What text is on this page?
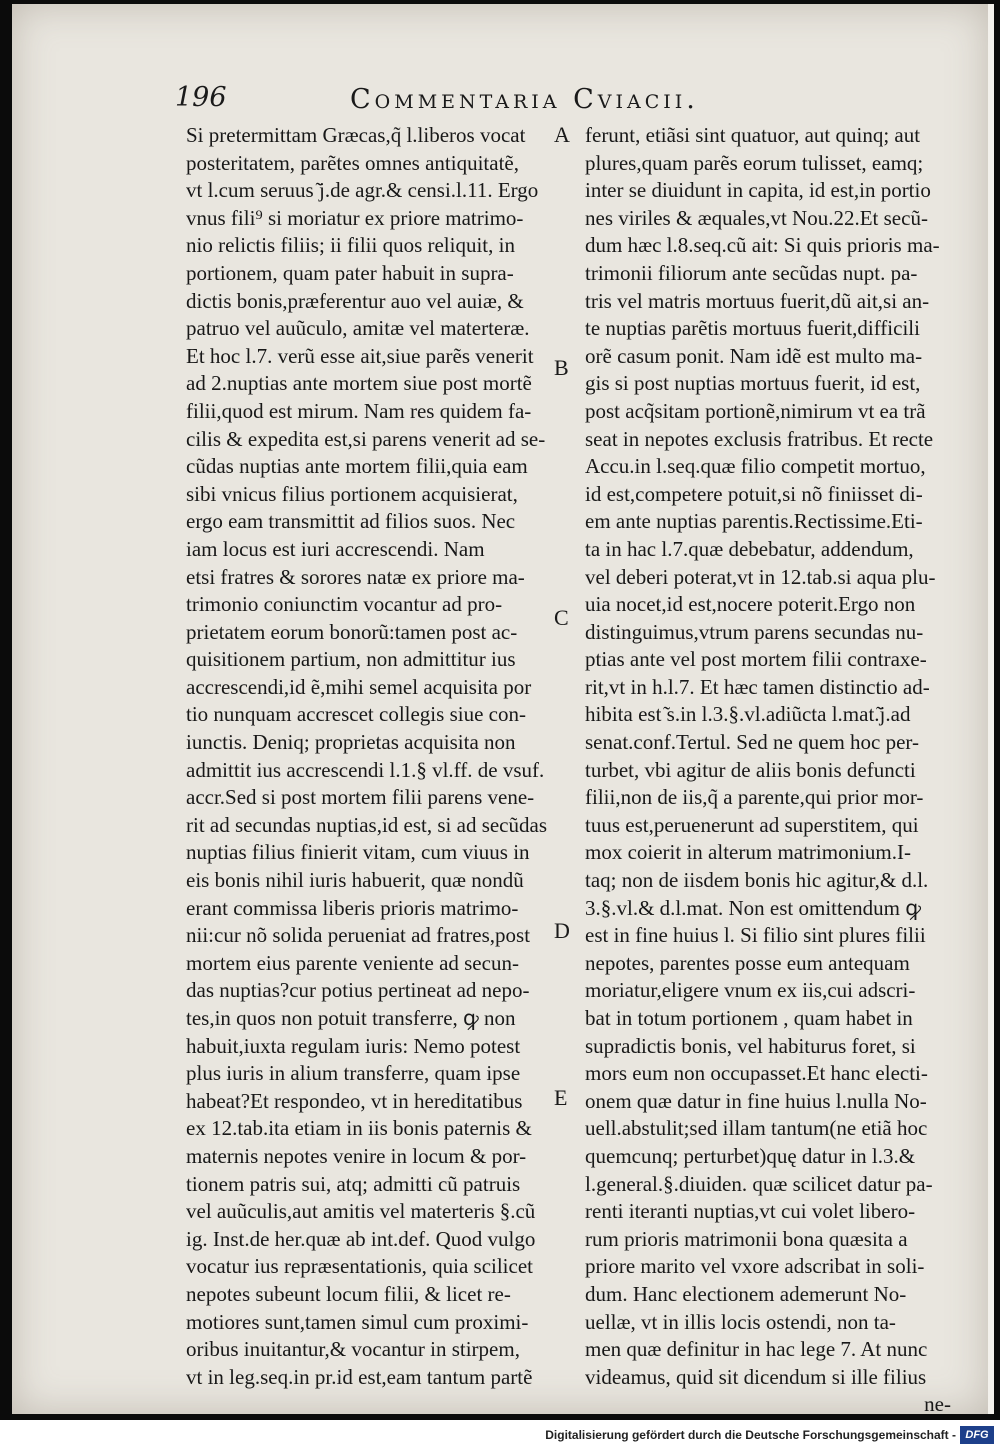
196	Commentaria Cviacii.
Si pretermittam Græcas,q̃ l.liberos vocat
posteritatem, parẽtes omnes antiquitatẽ,
vt l.cum seruus ͂j.de agr.& censi.l.11. Ergo
vnus fili⁹ si moriatur ex priore matrimo-
nio relictis filiis; ii filii quos reliquit, in
portionem, quam pater habuit in supra-
dictis bonis,præferentur auo vel auiæ, &
patruo vel auũculo, amitæ vel materteræ.
Et hoc l.7. verũ esse ait,siue parẽs venerit
ad 2.nuptias ante mortem siue post mortẽ
filii,quod est mirum. Nam res quidem fa-
cilis & expedita est,si parens venerit ad se-
cũdas nuptias ante mortem filii,quia eam
sibi vnicus filius portionem acquisierat,
ergo eam transmittit ad filios suos. Nec
iam locus est iuri accrescendi. Nam
etsi fratres & sorores natæ ex priore ma-
trimonio coniunctim vocantur ad pro-
prietatem eorum bonorũ:tamen post ac-
quisitionem partium, non admittitur ius
accrescendi,id ẽ,mihi semel acquisita por
tio nunquam accrescet collegis siue con-
iunctis. Deniq; proprietas acquisita non
admittit ius accrescendi l.1.§ vl.ff. de vsuf.
accr.Sed si post mortem filii parens vene-
rit ad secundas nuptias,id est, si ad secũdas
nuptias filius finierit vitam, cum viuus in
eis bonis nihil iuris habuerit, quæ nondũ
erant commissa liberis prioris matrimo-
nii:cur nõ solida perueniat ad fratres,post
mortem eius parente veniente ad secun-
das nuptias?cur potius pertineat ad nepo-
tes,in quos non potuit transferre, ꝙ non
habuit,iuxta regulam iuris: Nemo potest
plus iuris in alium transferre, quam ipse
habeat?Et respondeo, vt in hereditatibus
ex 12.tab.ita etiam in iis bonis paternis &
maternis nepotes venire in locum & por-
tionem patris sui, atq; admitti cũ patruis
vel auũculis,aut amitis vel materteris §.cũ
ig. Inst.de her.quæ ab int.def. Quod vulgo
vocatur ius repræsentationis, quia scilicet
nepotes subeunt locum filii, & licet re-
motiores sunt,tamen simul cum proximi-
oribus inuitantur,& vocantur in stirpem,
vt in leg.seq.in pr.id est,eam tantum partẽ
A
B
C
D
E
ferunt, etiãsi sint quatuor, aut quinq; aut
plures,quam parẽs eorum tulisset, eamq;
inter se diuidunt in capita, id est,in portio
nes viriles & æquales,vt Nou.22.Et secũ-
dum hæc l.8.seq.cũ ait: Si quis prioris ma-
trimonii filiorum ante secũdas nupt. pa-
tris vel matris mortuus fuerit,dũ ait,si an-
te nuptias parẽtis mortuus fuerit,difficili
orẽ casum ponit. Nam idẽ est multo ma-
gis si post nuptias mortuus fuerit, id est,
post acq̃sitam portionẽ,nimirum vt ea trã
seat in nepotes exclusis fratribus. Et recte
Accu.in l.seq.quæ filio competit mortuo,
id est,competere potuit,si nõ finiisset di-
em ante nuptias parentis.Rectissime.Eti-
ta in hac l.7.quæ debebatur, addendum,
vel deberi poterat,vt in 12.tab.si aqua plu-
uia nocet,id est,nocere poterit.Ergo non
distinguimus,vtrum parens secundas nu-
ptias ante vel post mortem filii contraxe-
rit,vt in h.l.7. Et hæc tamen distinctio ad-
hibita est ͂s.in l.3.§.vl.adiũcta l.mat.͂j.ad
senat.conf.Tertul. Sed ne quem hoc per-
turbet, vbi agitur de aliis bonis defuncti
filii,non de iis,q̃ a parente,qui prior mor-
tuus est,peruenerunt ad superstitem, qui
mox coierit in alterum matrimonium.I-
taq; non de iisdem bonis hic agitur,& d.l.
3.§.vl.& d.l.mat. Non est omittendum ꝙ
est in fine huius l. Si filio sint plures filii
nepotes, parentes posse eum antequam
moriatur,eligere vnum ex iis,cui adscri-
bat in totum portionem , quam habet in
supradictis bonis, vel habiturus foret, si
mors eum non occupasset.Et hanc electi-
onem quæ datur in fine huius l.nulla No-
uell.abstulit;sed illam tantum(ne etiã hoc
quemcunq; perturbet)quę datur in l.3.&
l.general.§.diuiden. quæ scilicet datur pa-
renti iteranti nuptias,vt cui volet libero-
rum prioris matrimonii bona quæsita a
priore marito vel vxore adscribat in soli-
dum. Hanc electionem ademerunt No-
uellæ, vt in illis locis ostendi, non ta-
men quæ definitur in hac lege 7. At nunc
videamus, quid sit dicendum si ille filius
ne-
Digitalisierung gefördert durch die Deutsche Forschungsgemeinschaft - DFG
